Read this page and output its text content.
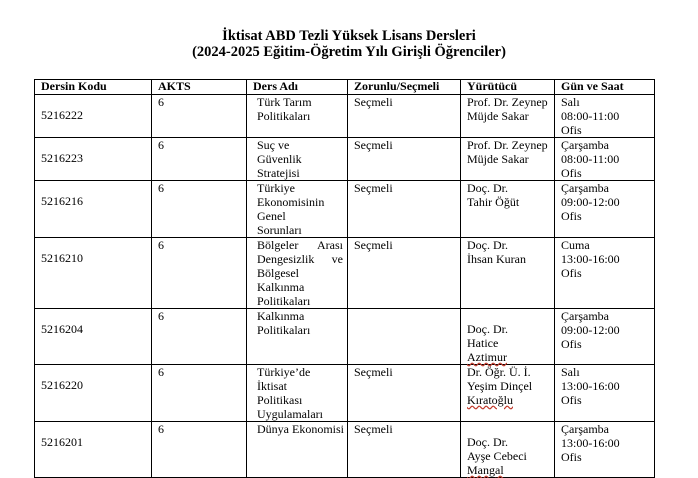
İktisat ABD Tezli Yüksek Lisans Dersleri
(2024-2025 Eğitim-Öğretim Yılı Girişli Öğrenciler)
Dersin Kodu	AKTS	Ders Adı	Zorunlu/Seçmeli	Yürütücü	Gün ve Saat
5216222	6	Türk Tarım
Politikaları	Seçmeli	Prof. Dr. Zeynep
Müjde Sakar	Salı
08:00-11:00
Ofis

5216223	6	Suç ve
Güvenlik
Stratejisi	Seçmeli	Prof. Dr. Zeynep
Müjde Sakar	Çarşamba
08:00-11:00
Ofis

5216216	6	Türkiye
Ekonomisinin
Genel
Sorunları	Seçmeli	Doç. Dr.
Tahir Öğüt	Çarşamba
09:00-12:00
Ofis

5216210	6	Bölgeler Arası
Dengesizlik ve
Bölgesel
Kalkınma
Politikaları	Seçmeli	Doç. Dr.
İhsan Kuran	Cuma
13:00-16:00
Ofis

5216204	6	Kalkınma
Politikaları		Doç. Dr.
Hatice
Aztimur	Çarşamba
09:00-12:00
Ofis

5216220	6	Türkiye’de
İktisat
Politikası
Uygulamaları	Seçmeli	Dr. Öğr. Ü. İ.
Yeşim Dinçel
Kıratoğlu	Salı
13:00-16:00
Ofis

5216201	6	Dünya Ekonomisi	Seçmeli	Doç. Dr.
Ayşe Cebeci
Mangal	Çarşamba
13:00-16:00
Ofis
